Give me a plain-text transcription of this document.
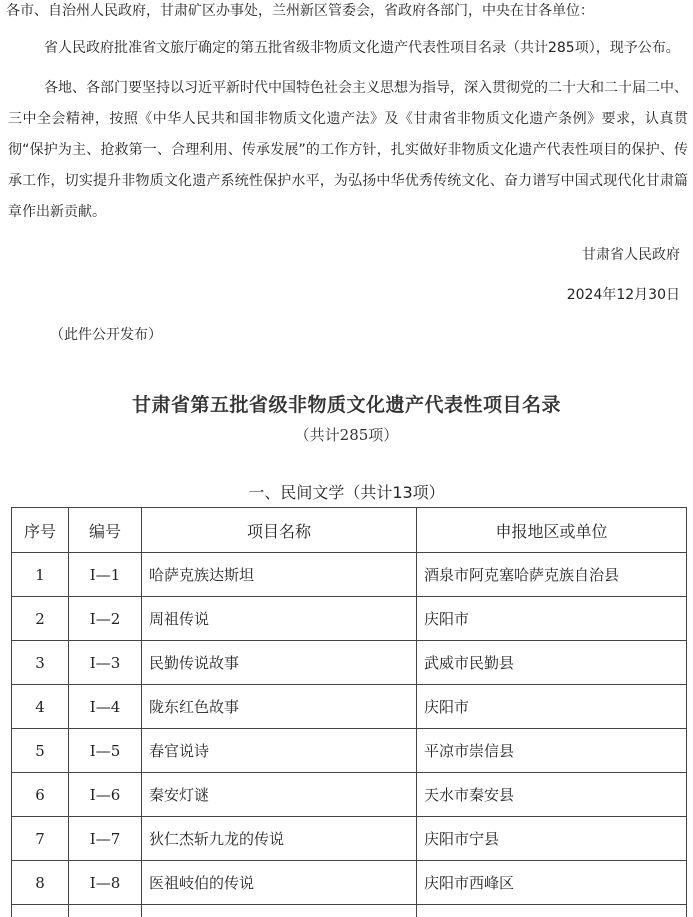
各市、自治州人民政府，甘肃矿区办事处，兰州新区管委会，省政府各部门，中央在甘各单位：
省人民政府批准省文旅厅确定的第五批省级非物质文化遗产代表性项目名录（共计285项），现予公布。

各地、各部门要坚持以习近平新时代中国特色社会主义思想为指导，深入贯彻党的二十大和二十届二中、三中全会精神，按照《中华人民共和国非物质文化遗产法》及《甘肃省非物质文化遗产条例》要求，认真贯彻“保护为主、抢救第一、合理利用、传承发展”的工作方针，扎实做好非物质文化遗产代表性项目的保护、传承工作，切实提升非物质文化遗产系统性保护水平，为弘扬中华优秀传统文化、奋力谱写中国式现代化甘肃篇章作出新贡献。

甘肃省人民政府
2024年12月30日
（此件公开发布）
甘肃省第五批省级非物质文化遗产代表性项目名录
（共计285项）
一、民间文学（共计13项）
序号	编号	项目名称	申报地区或单位
1	Ⅰ—1	哈萨克族达斯坦	酒泉市阿克塞哈萨克族自治县
2	Ⅰ—2	周祖传说	庆阳市
3	Ⅰ—3	民勤传说故事	武威市民勤县
4	Ⅰ—4	陇东红色故事	庆阳市
5	Ⅰ—5	春官说诗	平凉市崇信县
6	Ⅰ—6	秦安灯谜	天水市秦安县
7	Ⅰ—7	狄仁杰斩九龙的传说	庆阳市宁县
8	Ⅰ—8	医祖岐伯的传说	庆阳市西峰区
